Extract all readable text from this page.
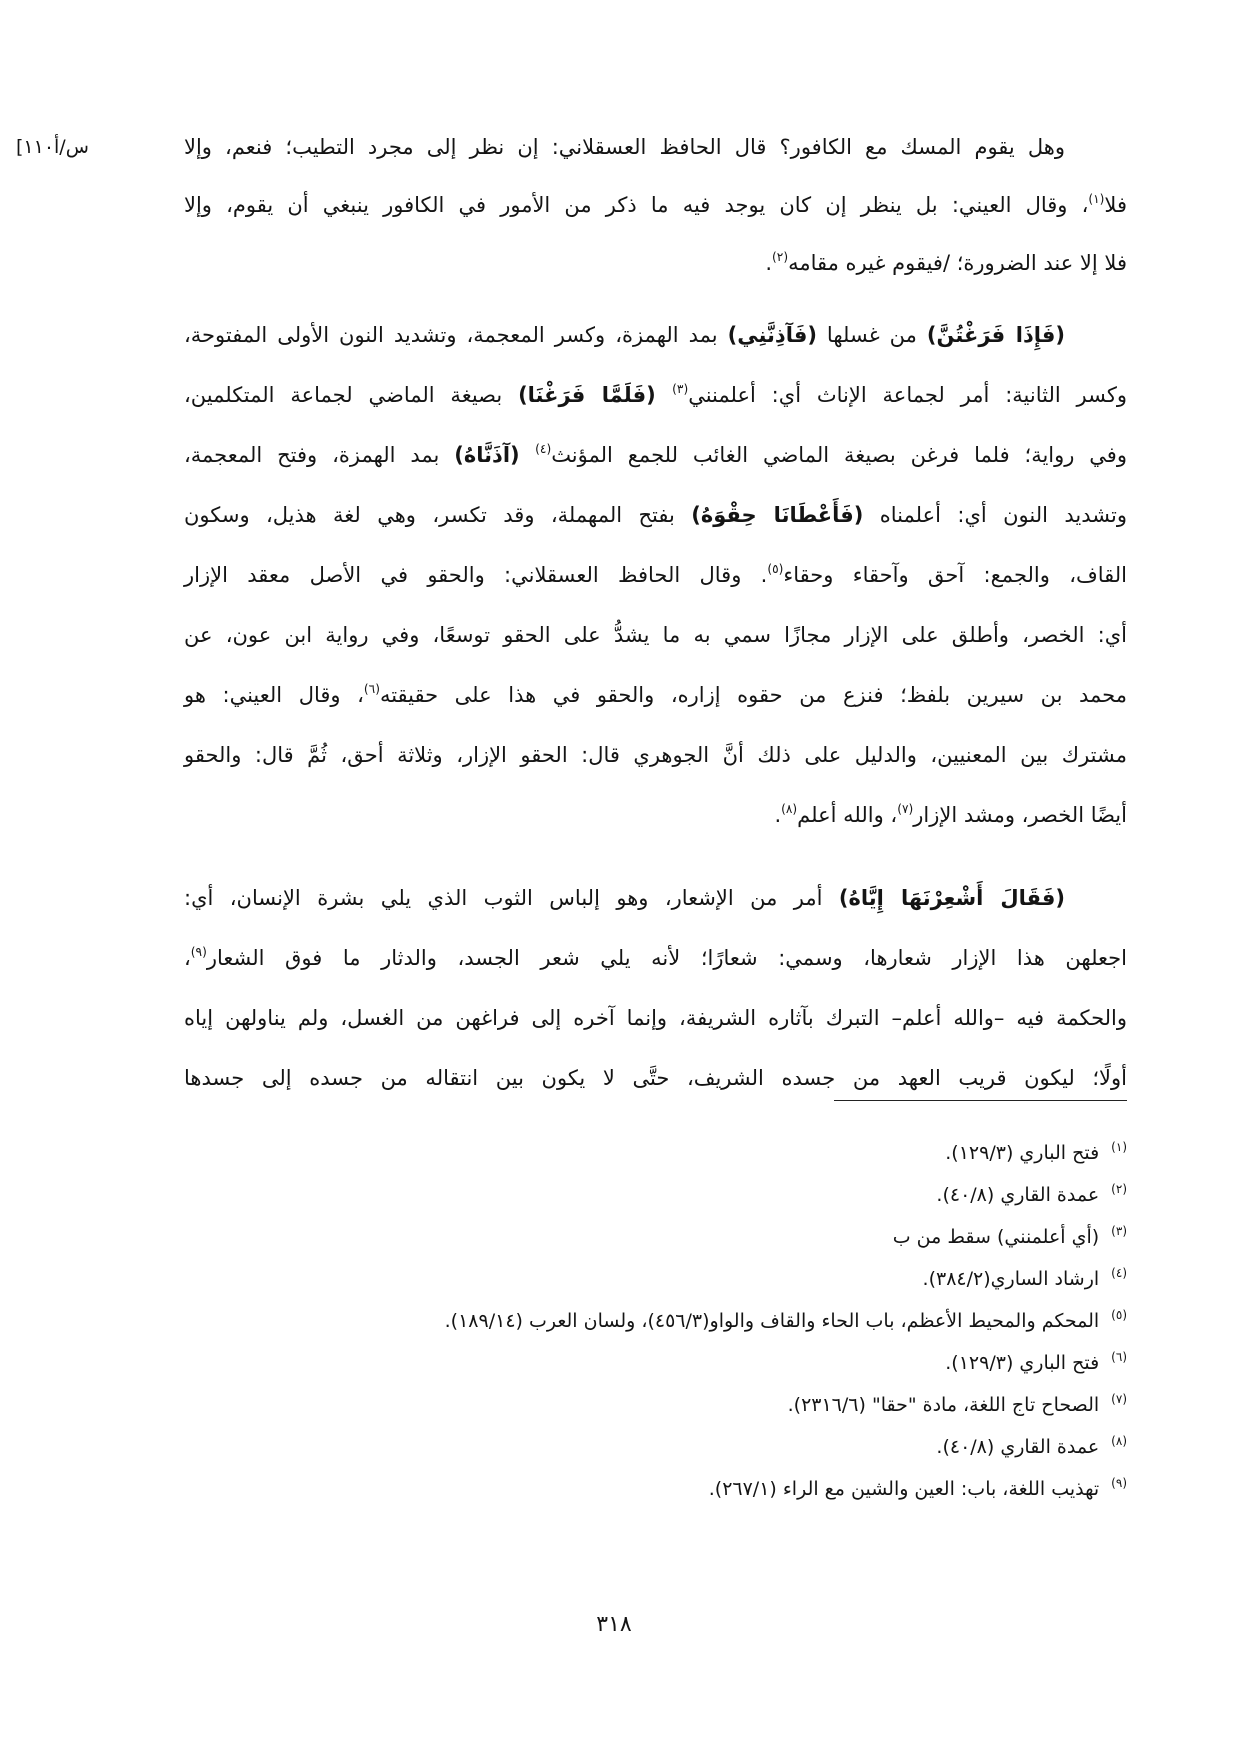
[١١٠أ/س	وهل يقوم المسك مع الكافور؟ قال الحافظ العسقلاني: إن نظر إلى مجرد التطيب؛ فنعم، وإلا
فلا$^{(١)}$، وقال العيني: بل ينظر إن كان يوجد فيه ما ذكر من الأمور في الكافور ينبغي أن يقوم، وإلا
فلا إلا عند الضرورة؛ /فيقوم غيره مقامه$^{(٢)}$.
(فَإِذَا فَرَغْتُنَّ) من غسلها (فَآذِنَّنِي) بمد الهمزة، وكسر المعجمة، وتشديد النون الأولى المفتوحة،
وكسر الثانية: أمر لجماعة الإناث أي: أعلمنني$^{(٣)}$ (فَلَمَّا فَرَغْنَا) بصيغة الماضي لجماعة المتكلمين،
وفي رواية؛ فلما فرغن بصيغة الماضي الغائب للجمع المؤنث$^{(٤)}$ (آذَنَّاهُ) بمد الهمزة، وفتح المعجمة،
وتشديد النون أي: أعلمناه (فَأَعْطَانَا حِقْوَهُ) بفتح المهملة، وقد تكسر، وهي لغة هذيل، وسكون
القاف، والجمع: آحق وآحقاء وحقاء$^{(٥)}$. وقال الحافظ العسقلاني: والحقو في الأصل معقد الإزار
أي: الخصر، وأطلق على الإزار مجازًا سمي به ما يشدُّ على الحقو توسعًا، وفي رواية ابن عون، عن
محمد بن سيرين بلفظ؛ فنزع من حقوه إزاره، والحقو في هذا على حقيقته$^{(٦)}$، وقال العيني: هو
مشترك بين المعنيين، والدليل على ذلك أنَّ الجوهري قال: الحقو الإزار، وثلاثة أحق، ثُمَّ قال: والحقو
أيضًا الخصر، ومشد الإزار$^{(٧)}$، والله أعلم$^{(٨)}$.
(فَقَالَ أَشْعِرْنَهَا إِيَّاهُ) أمر من الإشعار، وهو إلباس الثوب الذي يلي بشرة الإنسان، أي:
اجعلهن هذا الإزار شعارها، وسمي: شعارًا؛ لأنه يلي شعر الجسد، والدثار ما فوق الشعار$^{(٩)}$،
والحكمة فيه –والله أعلم– التبرك بآثاره الشريفة، وإنما آخره إلى فراغهن من الغسل، ولم يناولهن إياه
أولًا؛ ليكون قريب العهد من جسده الشريف، حتَّى لا يكون بين انتقاله من جسده إلى جسدها
$^{(١)}$فتح الباري (١٢٩/٣).
$^{(٢)}$عمدة القاري (٤٠/٨).
$^{(٣)}$(أي أعلمنني) سقط من ب
$^{(٤)}$ارشاد الساري(٣٨٤/٢).
$^{(٥)}$المحكم والمحيط الأعظم، باب الحاء والقاف والواو(٤٥٦/٣)، ولسان العرب (١٨٩/١٤).
$^{(٦)}$فتح الباري (١٢٩/٣).
$^{(٧)}$الصحاح تاج اللغة، مادة "حقا" (٢٣١٦/٦).
$^{(٨)}$عمدة القاري (٤٠/٨).
$^{(٩)}$تهذيب اللغة، باب: العين والشين مع الراء (٢٦٧/١).
٣١٨
